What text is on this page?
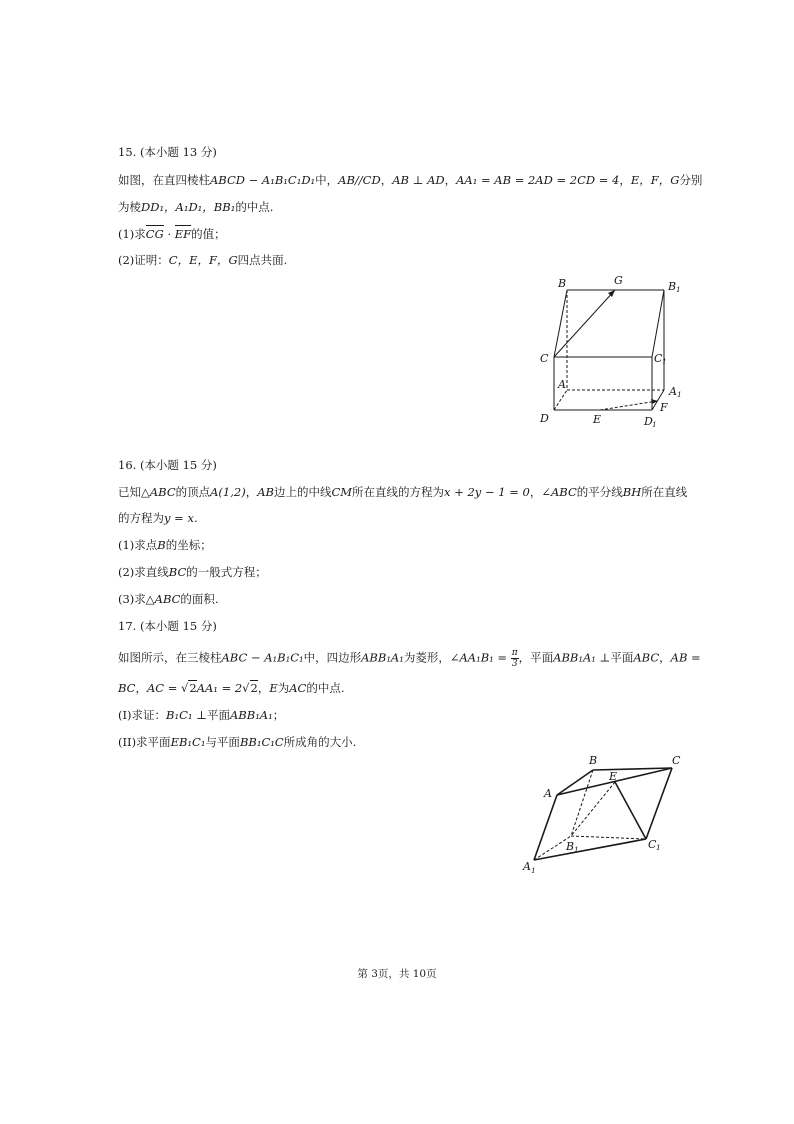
15. (本小题 13 分)
如图，在直四棱柱ABCD − A₁B₁C₁D₁中，AB//CD，AB ⊥ AD，AA₁ = AB = 2AD = 2CD = 4，E，F，G分别
为棱DD₁，A₁D₁，BB₁的中点.
(1)求CG · EF的值；
(2)证明：C，E，F，G四点共面.
B	G	B 1
C	C 1
A
A 1
F
D	E	D 1
16. (本小题 15 分)
已知△ABC的顶点A(1,2)，AB边上的中线CM所在直线的方程为x + 2y − 1 = 0，∠ABC的平分线BH所在直线
的方程为y = x.
(1)求点B的坐标；
(2)求直线BC的一般式方程；
(3)求△ABC的面积.
17. (本小题 15 分)
如图所示，在三棱柱ABC − A₁B₁C₁中，四边形ABB₁A₁为菱形，∠AA₁B₁ = $\frac{\pi}{3}$ ，平面ABB₁A₁ ⊥平面ABC，AB =
BC，AC = √2AA₁ = 2√2，E为AC的中点.
(I)求证：B₁C₁ ⊥平面ABB₁A₁；
(II)求平面EB₁C₁与平面BB₁C₁C所成角的大小.
B	C
E
A
B 1	C 1
A 1
第 3页，共 10页
